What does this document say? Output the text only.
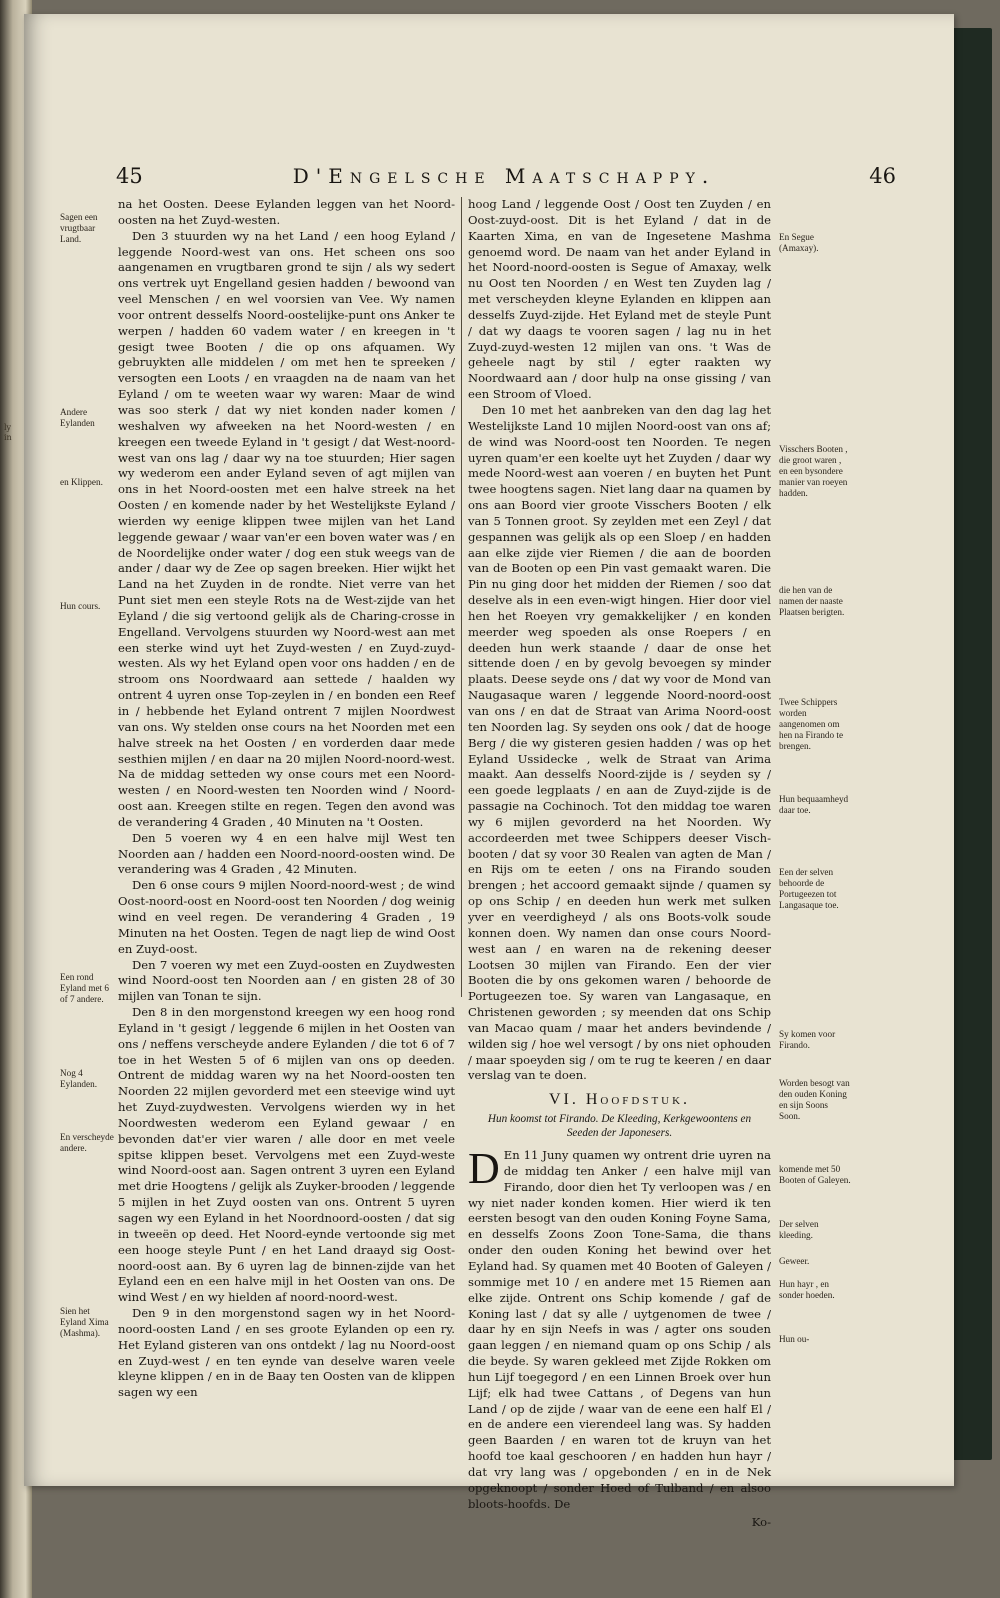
ly
in
45	D'Engelsche Maatschappy.	46
Sagen een vrugtbaar Land.
Andere Eylanden
en Klippen.
Hun cours.
Een rond Eyland met 6 of 7 andere.
Nog 4 Eylanden.
En verscheyde andere.
Sien het Eyland Xima (Mashma).

na het Oosten. Deese Eylanden leggen van het Noord-oosten na het Zuyd-westen.

Den 3 stuurden wy na het Land / een hoog Eyland / leggende Noord-west van ons. Het scheen ons soo aangenamen en vrugtbaren grond te sijn / als wy sedert ons vertrek uyt Engelland gesien hadden / bewoond van veel Menschen / en wel voorsien van Vee. Wy namen voor ontrent desselfs Noord-oostelijke-punt ons Anker te werpen / hadden 60 vadem water / en kreegen in 't gesigt twee Booten / die op ons afquamen. Wy gebruykten alle middelen / om met hen te spreeken / versogten een Loots / en vraagden na de naam van het Eyland / om te weeten waar wy waren: Maar de wind was soo sterk / dat wy niet konden nader komen / weshalven wy afweeken na het Noord-westen / en kreegen een tweede Eyland in 't gesigt / dat West-noord-west van ons lag / daar wy na toe stuurden; Hier sagen wy wederom een ander Eyland seven of agt mijlen van ons in het Noord-oosten met een halve streek na het Oosten / en komende nader by het Westelijkste Eyland / wierden wy eenige klippen twee mijlen van het Land leggende gewaar / waar van'er een boven water was / en de Noordelijke onder water / dog een stuk weegs van de ander / daar wy de Zee op sagen breeken. Hier wijkt het Land na het Zuyden in de rondte. Niet verre van het Punt siet men een steyle Rots na de West-zijde van het Eyland / die sig vertoond gelijk als de Charing-crosse in Engelland. Vervolgens stuurden wy Noord-west aan met een sterke wind uyt het Zuyd-westen / en Zuyd-zuyd-westen. Als wy het Eyland open voor ons hadden / en de stroom ons Noordwaard aan settede / haalden wy ontrent 4 uyren onse Top-zeylen in / en bonden een Reef in / hebbende het Eyland ontrent 7 mijlen Noordwest van ons. Wy stelden onse cours na het Noorden met een halve streek na het Oosten / en vorderden daar mede sesthien mijlen / en daar na 20 mijlen Noord-noord-west. Na de middag setteden wy onse cours met een Noord-westen / en Noord-westen ten Noorden wind / Noord-oost aan. Kreegen stilte en regen. Tegen den avond was de verandering 4 Graden , 40 Minuten na 't Oosten.

Den 5 voeren wy 4 en een halve mijl West ten Noorden aan / hadden een Noord-noord-oosten wind. De verandering was 4 Graden , 42 Minuten.

Den 6 onse cours 9 mijlen Noord-noord-west ; de wind Oost-noord-oost en Noord-oost ten Noorden / dog weinig wind en veel regen. De verandering 4 Graden , 19 Minuten na het Oosten. Tegen de nagt liep de wind Oost en Zuyd-oost.

Den 7 voeren wy met een Zuyd-oosten en Zuydwesten wind Noord-oost ten Noorden aan / en gisten 28 of 30 mijlen van Tonan te sijn.

Den 8 in den morgenstond kreegen wy een hoog rond Eyland in 't gesigt / leggende 6 mijlen in het Oosten van ons / neffens verscheyde andere Eylanden / die tot 6 of 7 toe in het Westen 5 of 6 mijlen van ons op deeden. Ontrent de middag waren wy na het Noord-oosten ten Noorden 22 mijlen gevorderd met een steevige wind uyt het Zuyd-zuydwesten. Vervolgens wierden wy in het Noordwesten wederom een Eyland gewaar / en bevonden dat'er vier waren / alle door en met veele spitse klippen beset. Vervolgens met een Zuyd-weste wind Noord-oost aan. Sagen ontrent 3 uyren een Eyland met drie Hoogtens / gelijk als Zuyker-brooden / leggende 5 mijlen in het Zuyd oosten van ons. Ontrent 5 uyren sagen wy een Eyland in het Noordnoord-oosten / dat sig in tweeën op deed. Het Noord-eynde vertoonde sig met een hooge steyle Punt / en het Land draayd sig Oost-noord-oost aan. By 6 uyren lag de binnen-zijde van het Eyland een en een halve mijl in het Oosten van ons. De wind West / en wy hielden af noord-noord-west.

Den 9 in den morgenstond sagen wy in het Noord-noord-oosten Land / en ses groote Eylanden op een ry. Het Eyland gisteren van ons ontdekt / lag nu Noord-oost en Zuyd-west / en ten eynde van deselve waren veele kleyne klippen / en in de Baay ten Oosten van de klippen sagen wy een

En Segue (Amaxay).
Visschers Booten , die groot waren , en een bysondere manier van roeyen hadden.
die hen van de namen der naaste Plaatsen berigten.
Twee Schippers worden aangenomen om hen na Firando te brengen.
Hun bequaamheyd daar toe.
Een der selven behoorde de Portugeezen tot Langasaque toe.
Sy komen voor Firando.
Worden besogt van den ouden Koning en sijn Soons Soon.
komende met 50 Booten of Galeyen.
Der selven kleeding.
Geweer.
Hun hayr , en sonder hoeden.
Hun ou-

hoog Land / leggende Oost / Oost ten Zuyden / en Oost-zuyd-oost. Dit is het Eyland / dat in de Kaarten Xima, en van de Ingesetene Mashma genoemd word. De naam van het ander Eyland in het Noord-noord-oosten is Segue of Amaxay, welk nu Oost ten Noorden / en West ten Zuyden lag / met verscheyden kleyne Eylanden en klippen aan desselfs Zuyd-zijde. Het Eyland met de steyle Punt / dat wy daags te vooren sagen / lag nu in het Zuyd-zuyd-westen 12 mijlen van ons. 't Was de geheele nagt by stil / egter raakten wy Noordwaard aan / door hulp na onse gissing / van een Stroom of Vloed.

Den 10 met het aanbreken van den dag lag het Westelijkste Land 10 mijlen Noord-oost van ons af; de wind was Noord-oost ten Noorden. Te negen uyren quam'er een koelte uyt het Zuyden / daar wy mede Noord-west aan voeren / en buyten het Punt twee hoogtens sagen. Niet lang daar na quamen by ons aan Boord vier groote Visschers Booten / elk van 5 Tonnen groot. Sy zeylden met een Zeyl / dat gespannen was gelijk als op een Sloep / en hadden aan elke zijde vier Riemen / die aan de boorden van de Booten op een Pin vast gemaakt waren. Die Pin nu ging door het midden der Riemen / soo dat deselve als in een even-wigt hingen. Hier door viel hen het Roeyen vry gemakkelijker / en konden meerder weg spoeden als onse Roepers / en deeden hun werk staande / daar de onse het sittende doen / en by gevolg bevoegen sy minder plaats. Deese seyde ons / dat wy voor de Mond van Naugasaque waren / leggende Noord-noord-oost van ons / en dat de Straat van Arima Noord-oost ten Noorden lag. Sy seyden ons ook / dat de hooge Berg / die wy gisteren gesien hadden / was op het Eyland Ussidecke , welk de Straat van Arima maakt. Aan desselfs Noord-zijde is / seyden sy / een goede legplaats / en aan de Zuyd-zijde is de passagie na Cochinoch. Tot den middag toe waren wy 6 mijlen gevorderd na het Noorden. Wy accordeerden met twee Schippers deeser Visch-booten / dat sy voor 30 Realen van agten de Man / en Rijs om te eeten / ons na Firando souden brengen ; het accoord gemaakt sijnde / quamen sy op ons Schip / en deeden hun werk met sulken yver en veerdigheyd / als ons Boots-volk soude konnen doen. Wy namen dan onse cours Noord-west aan / en waren na de rekening deeser Lootsen 30 mijlen van Firando. Een der vier Booten die by ons gekomen waren / behoorde de Portugeezen toe. Sy waren van Langasaque, en Christenen geworden ; sy meenden dat ons Schip van Macao quam / maar het anders bevindende / wilden sig / hoe wel versogt / by ons niet ophouden / maar spoeyden sig / om te rug te keeren / en daar verslag van te doen.

VI. Hoofdstuk.
Hun koomst tot Firando. De Kleeding, Kerkgewoontens en Seeden der Japonesers.

D En 11 Juny quamen wy ontrent drie uyren na de middag ten Anker / een halve mijl van Firando, door dien het Ty verloopen was / en wy niet nader konden komen. Hier wierd ik ten eersten besogt van den ouden Koning Foyne Sama, en desselfs Zoons Zoon Tone-Sama, die thans onder den ouden Koning het bewind over het Eyland had. Sy quamen met 40 Booten of Galeyen / sommige met 10 / en andere met 15 Riemen aan elke zijde. Ontrent ons Schip komende / gaf de Koning last / dat sy alle / uytgenomen de twee / daar hy en sijn Neefs in was / agter ons souden gaan leggen / en niemand quam op ons Schip / als die beyde. Sy waren gekleed met Zijde Rokken om hun Lijf toegegord / en een Linnen Broek over hun Lijf; elk had twee Cattans , of Degens van hun Land / op de zijde / waar van de eene een half El / en de andere een vierendeel lang was. Sy hadden geen Baarden / en waren tot de kruyn van het hoofd toe kaal geschooren / en hadden hun hayr / dat vry lang was / opgebonden / en in de Nek opgeknoopt / sonder Hoed of Tulband / en alsoo bloots-hoofds. De

Ko-
